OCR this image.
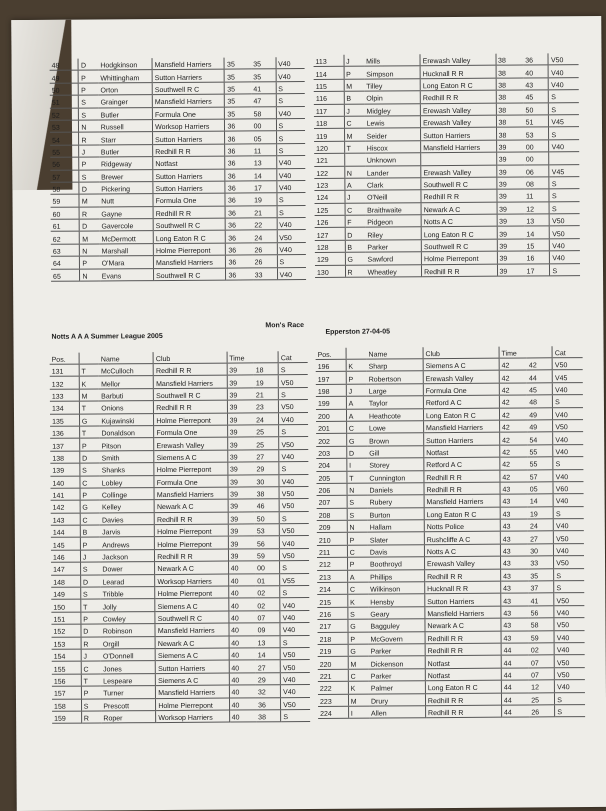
48	D	Hodgkinson	Mansfield Harriers	35	35	V40
49	P	Whittingham	Sutton Harriers	35	35	V40
50	P	Orton	Southwell R C	35	41	S
51	S	Grainger	Mansfield Harriers	35	47	S
52	S	Butler	Formula One	35	58	V40
53	N	Russell	Worksop Harriers	36	00	S
54	R	Starr	Sutton Harriers	36	05	S
55	J	Butler	Redhill R R	36	11	S
56	P	Ridgeway	Notfast	36	13	V40
57	S	Brewer	Sutton Harriers	36	14	V40
58	D	Pickering	Sutton Harriers	36	17	V40
59	M	Nutt	Formula One	36	19	S
60	R	Gayne	Redhill R R	36	21	S
61	D	Gavercole	Southwell R C	36	22	V40
62	M	McDermott	Long Eaton R C	36	24	V50
63	N	Marshall	Holme Pierrepont	36	26	V40
64	P	O'Mara	Mansfield Harriers	36	26	S
65	N	Evans	Southwell R C	36	33	V40
113	J	Mills	Erewash Valley	38	36	V50
114	P	Simpson	Hucknall R R	38	40	V40
115	M	Tilley	Long Eaton R C	38	43	V40
116	B	Olpin	Redhill R R	38	45	S
117	J	Midgley	Erewash Valley	38	50	S
118	C	Lewis	Erewash Valley	38	51	V45
119	M	Seider	Sutton Harriers	38	53	S
120	T	Hiscox	Mansfield Harriers	39	00	V40
121		Unknown		39	00	
122	N	Lander	Erewash Valley	39	06	V45
123	A	Clark	Southwell R C	39	08	S
124	J	O'Neill	Redhill R R	39	11	S
125	C	Braithwaite	Newark A C	39	12	S
126	F	Pidgeon	Notts A C	39	13	V50
127	D	Riley	Long Eaton R C	39	14	V50
128	B	Parker	Southwell R C	39	15	V40
129	G	Sawford	Holme Pierrepont	39	16	V40
130	R	Wheatley	Redhill R R	39	17	S
Notts A A A Summer League 2005
Mon's Race
Epperston 27-04-05
Pos.		Name	Club	Time		Cat
131	T	McCulloch	Redhill R R	39	18	S
132	K	Mellor	Mansfield Harriers	39	19	V50
133	M	Barbuti	Southwell R C	39	21	S
134	T	Onions	Redhill R R	39	23	V50
135	G	Kujawinski	Holme Pierrepont	39	24	V40
136	T	Donaldson	Formula One	39	25	S
137	P	Pitson	Erewash Valley	39	25	V50
138	D	Smith	Siemens A C	39	27	V40
139	S	Shanks	Holme Pierrepont	39	29	S
140	C	Lobley	Formula One	39	30	V40
141	P	Collinge	Mansfield Harriers	39	38	V50
142	G	Kelley	Newark A C	39	46	V50
143	C	Davies	Redhill R R	39	50	S
144	B	Jarvis	Holme Pierrepont	39	53	V50
145	P	Andrews	Holme Pierrepont	39	56	V40
146	J	Jackson	Redhill R R	39	59	V50
147	S	Dower	Newark A C	40	00	S
148	D	Learad	Worksop Harriers	40	01	V55
149	S	Tribble	Holme Pierrepont	40	02	S
150	T	Jolly	Siemens A C	40	02	V40
151	P	Cowley	Southwell R C	40	07	V40
152	D	Robinson	Mansfield Harriers	40	09	V40
153	R	Orgill	Newark A C	40	13	S
154	J	O'Donnell	Siemens A C	40	14	V50
155	C	Jones	Sutton Harriers	40	27	V50
156	T	Lespeare	Siemens A C	40	29	V40
157	P	Turner	Mansfield Harriers	40	32	V40
158	S	Prescott	Holme Pierrepont	40	36	V50
159	R	Roper	Worksop Harriers	40	38	S
Pos.		Name	Club	Time		Cat
196	K	Sharp	Siemens A C	42	42	V50
197	P	Robertson	Erewash Valley	42	44	V45
198	J	Large	Formula One	42	45	V40
199	A	Taylor	Retford A C	42	48	S
200	A	Heathcote	Long Eaton R C	42	49	V40
201	C	Lowe	Mansfield Harriers	42	49	V50
202	G	Brown	Sutton Harriers	42	54	V40
203	D	Gill	Notfast	42	55	V40
204	I	Storey	Retford A C	42	55	S
205	T	Cunnington	Redhill R R	42	57	V40
206	N	Daniels	Redhill R R	43	05	V60
207	S	Rubery	Mansfield Harriers	43	14	V40
208	S	Burton	Long Eaton R C	43	19	S
209	N	Hallam	Notts Police	43	24	V40
210	P	Slater	Rushcliffe A C	43	27	V50
211	C	Davis	Notts A C	43	30	V40
212	P	Boothroyd	Erewash Valley	43	33	V50
213	A	Phillips	Redhill R R	43	35	S
214	C	Wilkinson	Hucknall R R	43	37	S
215	K	Hensby	Sutton Harriers	43	41	V50
216	S	Geary	Mansfield Harriers	43	56	V40
217	G	Bagguley	Newark A C	43	58	V50
218	P	McGovern	Redhill R R	43	59	V40
219	G	Parker	Redhill R R	44	02	V40
220	M	Dickenson	Notfast	44	07	V50
221	C	Parker	Notfast	44	07	V50
222	K	Palmer	Long Eaton R C	44	12	V40
223	M	Drury	Redhill R R	44	25	S
224	I	Allen	Redhill R R	44	26	S
